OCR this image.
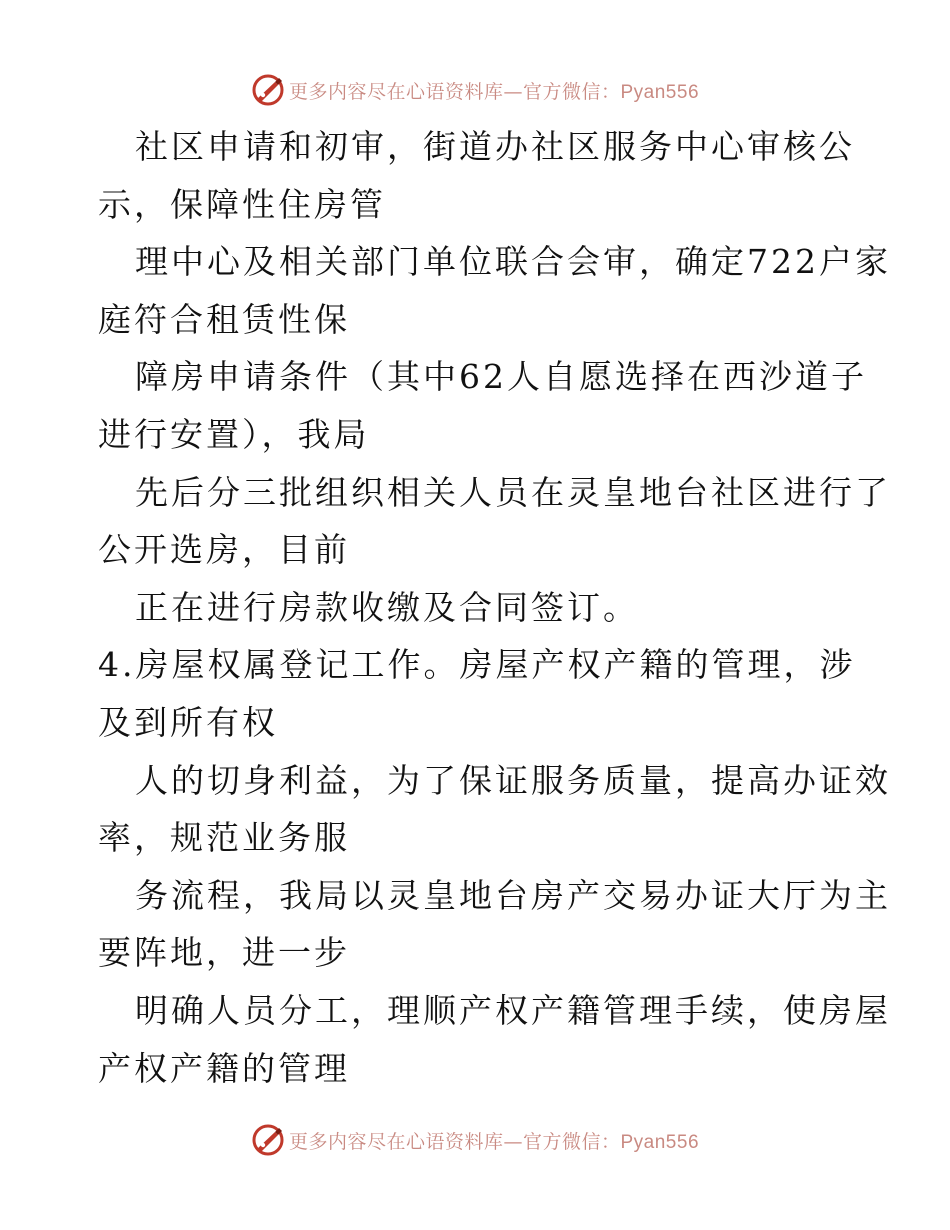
更多内容尽在心语资料库—官方微信：Pyan556
社区申请和初审，街道办社区服务中心审核公
示，保障性住房管
理中心及相关部门单位联合会审，确定722户家
庭符合租赁性保
障房申请条件（其中62人自愿选择在西沙道子
进行安置），我局
先后分三批组织相关人员在灵皇地台社区进行了
公开选房，目前
正在进行房款收缴及合同签订。
4.房屋权属登记工作。房屋产权产籍的管理，涉
及到所有权
人的切身利益，为了保证服务质量，提高办证效
率，规范业务服
务流程，我局以灵皇地台房产交易办证大厅为主
要阵地，进一步
明确人员分工，理顺产权产籍管理手续，使房屋
产权产籍的管理
更多内容尽在心语资料库—官方微信：Pyan556
